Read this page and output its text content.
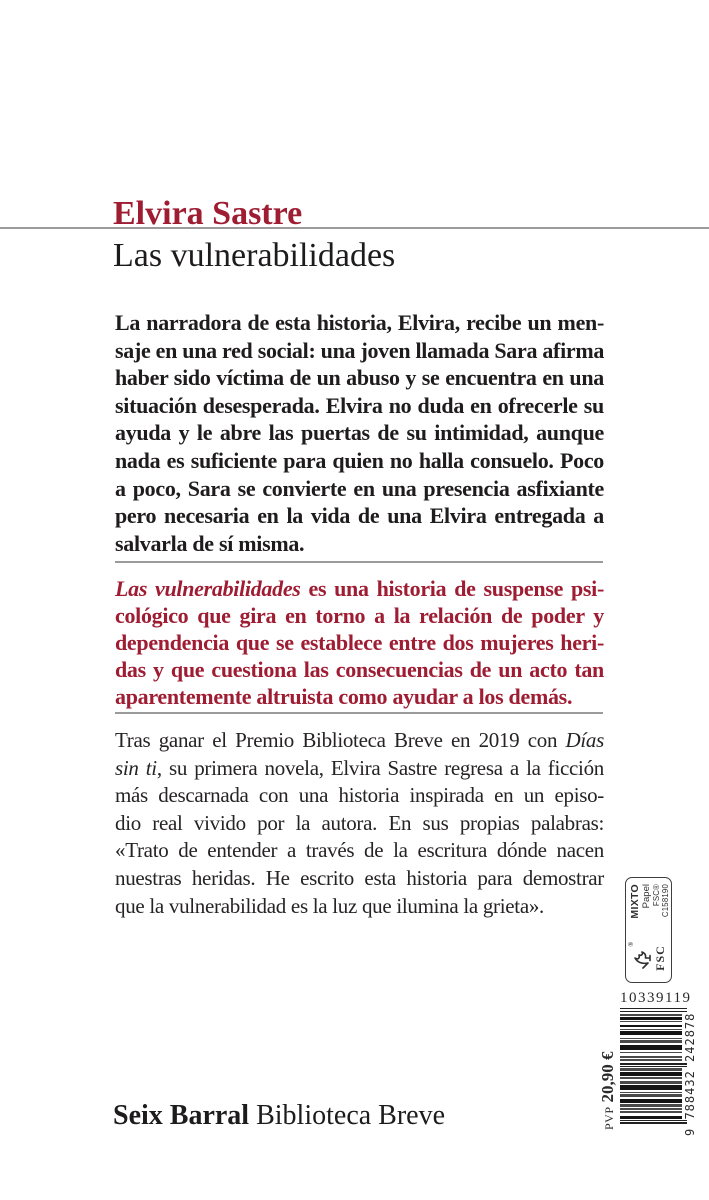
Elvira Sastre
Las vulnerabilidades
La narradora de esta historia, Elvira, recibe un men-
saje en una red social: una joven llamada Sara afirma
haber sido víctima de un abuso y se encuentra en una
situación desesperada. Elvira no duda en ofrecerle su
ayuda y le abre las puertas de su intimidad, aunque
nada es suficiente para quien no halla consuelo. Poco
a poco, Sara se convierte en una presencia asfixiante
pero necesaria en la vida de una Elvira entregada a
salvarla de sí misma.
Las vulnerabilidades es una historia de suspense psi-
cológico que gira en torno a la relación de poder y
dependencia que se establece entre dos mujeres heri-
das y que cuestiona las consecuencias de un acto tan
aparentemente altruista como ayudar a los demás.
Tras ganar el Premio Biblioteca Breve en 2019 con Días
sin ti, su primera novela, Elvira Sastre regresa a la ficción
más descarnada con una historia inspirada en un episo-
dio real vivido por la autora. En sus propias palabras:
«Trato de entender a través de la escritura dónde nacen
nuestras heridas. He escrito esta historia para demostrar
que la vulnerabilidad es la luz que ilumina la grieta».
®
FSC
MIXTO Papel FSC® C158190
10339119
9 788432 242878
PVP 20,90 €
Seix Barral Biblioteca Breve
